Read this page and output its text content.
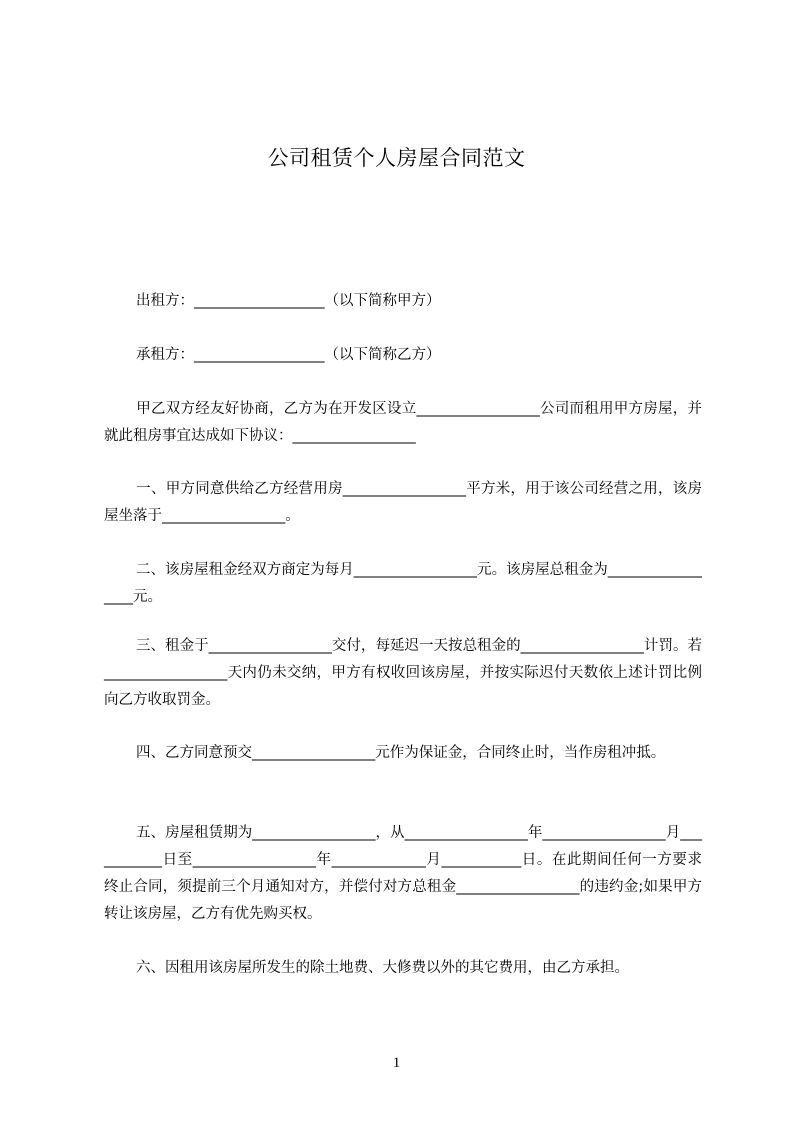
公司租赁个人房屋合同范文
出租方：__________________（以下简称甲方）
承租方：__________________（以下简称乙方）
甲乙双方经友好协商，乙方为在开发区设立_________________公司而租用甲方房屋，并就此租房事宜达成如下协议：_________________
一、甲方同意供给乙方经营用房_________________平方米，用于该公司经营之用，该房屋坐落于_________________。
二、该房屋租金经双方商定为每月_________________元。该房屋总租金为_________________元。
三、租金于_________________交付，每延迟一天按总租金的_________________计罚。若_________________天内仍未交纳，甲方有权收回该房屋，并按实际迟付天数依上述计罚比例向乙方收取罚金。
四、乙方同意预交_________________元作为保证金，合同终止时，当作房租冲抵。
五、房屋租赁期为_________________，从_________________年_________________月___________日至_________________年_____________月___________日。在此期间任何一方要求终止合同，须提前三个月通知对方，并偿付对方总租金_________________的违约金;如果甲方转让该房屋，乙方有优先购买权。
六、因租用该房屋所发生的除土地费、大修费以外的其它费用，由乙方承担。
1
